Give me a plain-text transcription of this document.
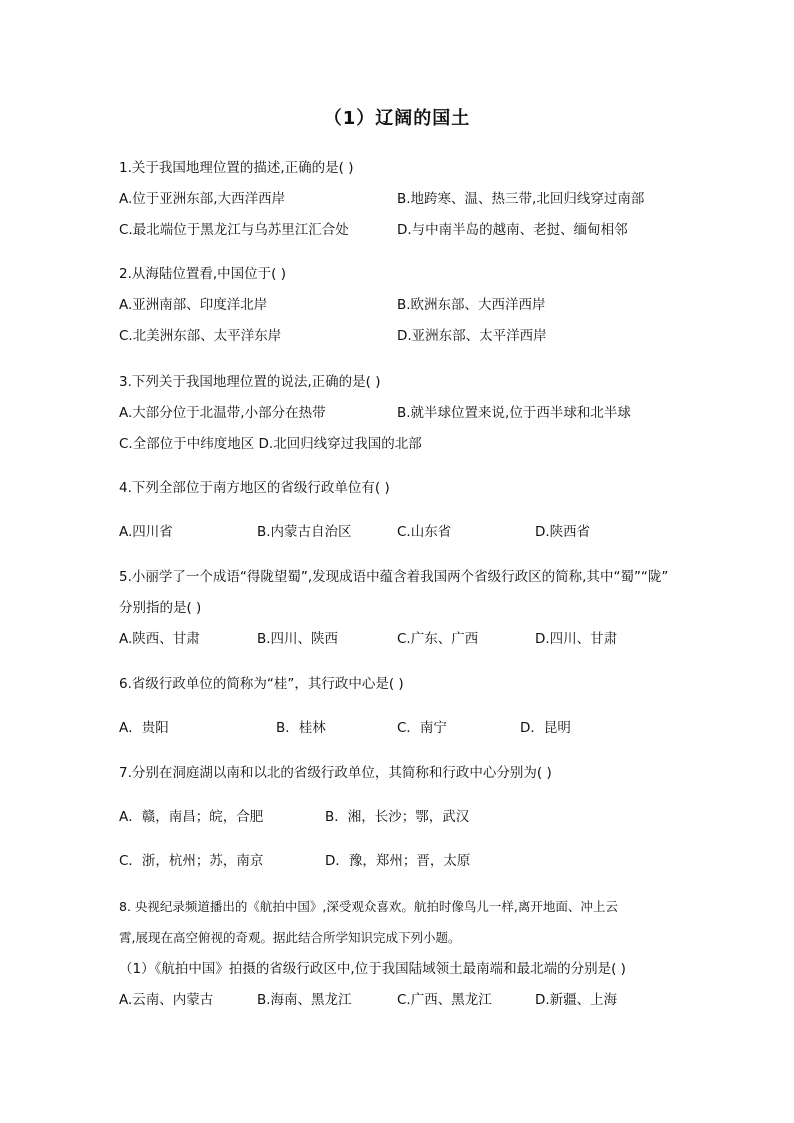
（1）辽阔的国土
1.关于我国地理位置的描述,正确的是( )
A.位于亚洲东部,大西洋西岸	B.地跨寒、温、热三带,北回归线穿过南部
C.最北端位于黑龙江与乌苏里江汇合处	D.与中南半岛的越南、老挝、缅甸相邻
2.从海陆位置看,中国位于( )
A.亚洲南部、印度洋北岸	B.欧洲东部、大西洋西岸
C.北美洲东部、太平洋东岸	D.亚洲东部、太平洋西岸
3.下列关于我国地理位置的说法,正确的是( )
A.大部分位于北温带,小部分在热带	B.就半球位置来说,位于西半球和北半球
C.全部位于中纬度地区 D.北回归线穿过我国的北部
4.下列全部位于南方地区的省级行政单位有( )
A.四川省	B.内蒙古自治区	C.山东省	D.陕西省
5.小丽学了一个成语“得陇望蜀”,发现成语中蕴含着我国两个省级行政区的简称,其中“蜀”“陇”
分别指的是( )
A.陕西、甘肃	B.四川、陕西	C.广东、广西	D.四川、甘肃
6.省级行政单位的简称为“桂”，其行政中心是( )
A．贵阳	B．桂林	C．南宁	D．昆明
7.分别在洞庭湖以南和以北的省级行政单位，其简称和行政中心分别为( )
A．赣，南昌；皖，合肥	B．湘，长沙；鄂，武汉
C．浙，杭州；苏，南京	D．豫，郑州；晋，太原
8. 央视纪录频道播出的《航拍中国》,深受观众喜欢。航拍时像鸟儿一样,离开地面、冲上云
霄,展现在高空俯视的奇观。据此结合所学知识完成下列小题。
（1）《航拍中国》拍摄的省级行政区中,位于我国陆域领土最南端和最北端的分别是( )
A.云南、内蒙古	B.海南、黑龙江	C.广西、黑龙江	D.新疆、上海
